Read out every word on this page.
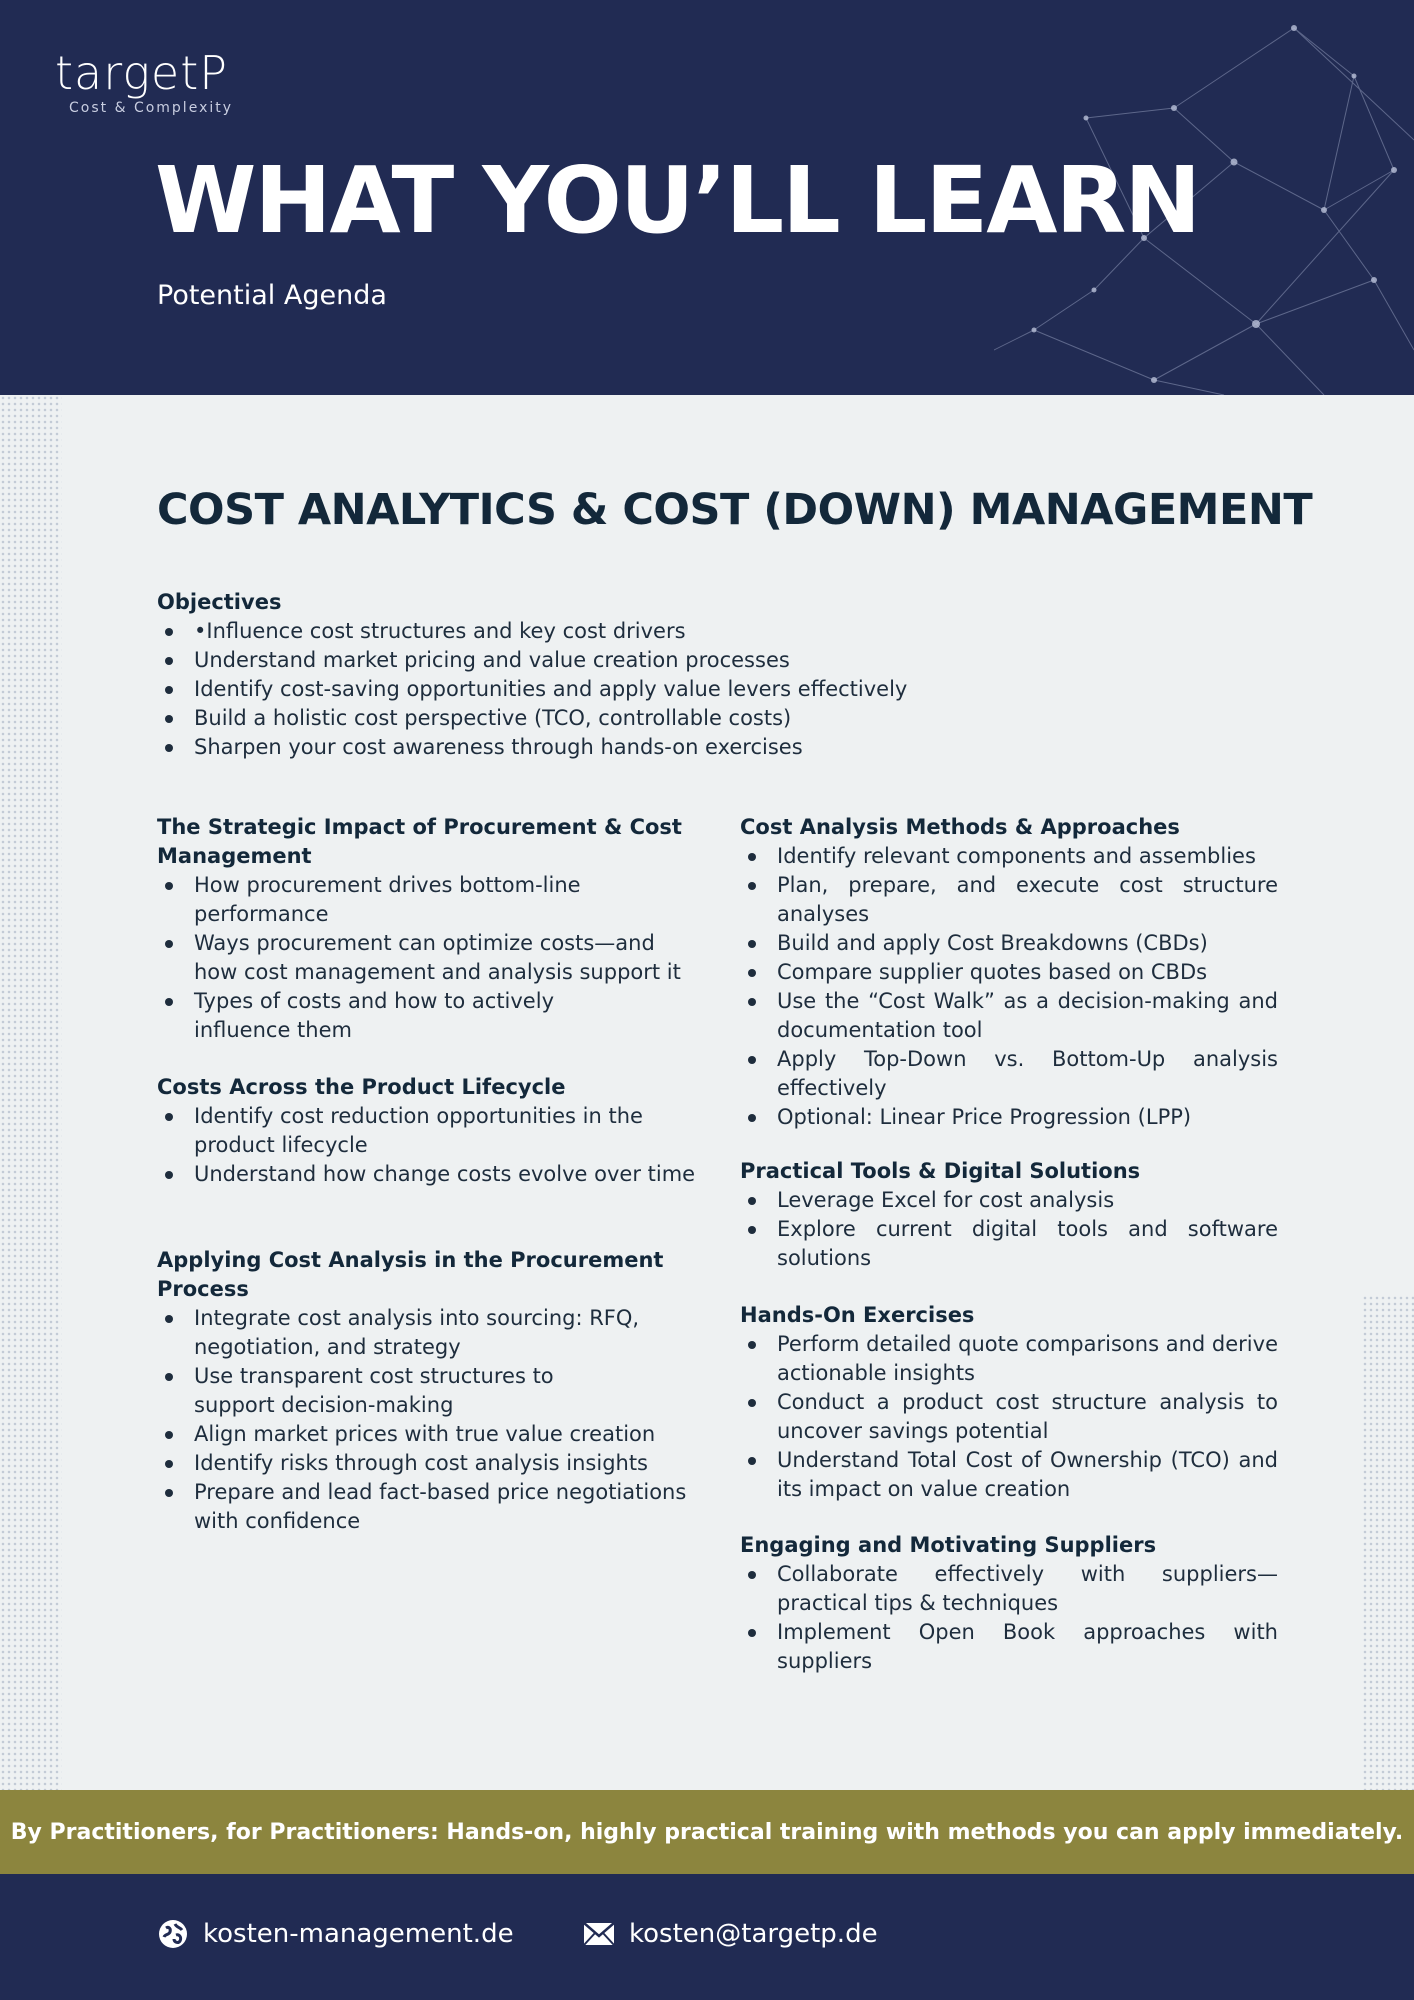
targetP
Cost & Complexity
WHAT YOU’LL LEARN
Potential Agenda
COST ANALYTICS & COST (DOWN) MANAGEMENT
Objectives
•Influence cost structures and key cost drivers
Understand market pricing and value creation processes
Identify cost-saving opportunities and apply value levers effectively
Build a holistic cost perspective (TCO, controllable costs)
Sharpen your cost awareness through hands-on exercises
The Strategic Impact of Procurement & Cost Management
How procurement drives bottom-line performance
Ways procurement can optimize costs—and how cost management and analysis support it
Types of costs and how to actively influence them
Costs Across the Product Lifecycle
Identify cost reduction opportunities in the product lifecycle
Understand how change costs evolve over time
Applying Cost Analysis in the Procurement Process
Integrate cost analysis into sourcing: RFQ, negotiation, and strategy
Use transparent cost structures to support decision-making
Align market prices with true value creation
Identify risks through cost analysis insights
Prepare and lead fact-based price negotiations with confidence
Cost Analysis Methods & Approaches
Identify relevant components and assemblies
Plan, prepare, and execute cost structure analyses
Build and apply Cost Breakdowns (CBDs)
Compare supplier quotes based on CBDs
Use the “Cost Walk” as a decision-making and documentation tool
Apply Top-Down vs. Bottom-Up analysis effectively
Optional: Linear Price Progression (LPP)
Practical Tools & Digital Solutions
Leverage Excel for cost analysis
Explore current digital tools and software solutions
Hands-On Exercises
Perform detailed quote comparisons and derive actionable insights
Conduct a product cost structure analysis to uncover savings potential
Understand Total Cost of Ownership (TCO) and its impact on value creation
Engaging and Motivating Suppliers
Collaborate effectively with suppliers—practical tips & techniques
Implement Open Book approaches with suppliers
By Practitioners, for Practitioners: Hands-on, highly practical training with methods you can apply immediately.
kosten-management.de	kosten@targetp.de
